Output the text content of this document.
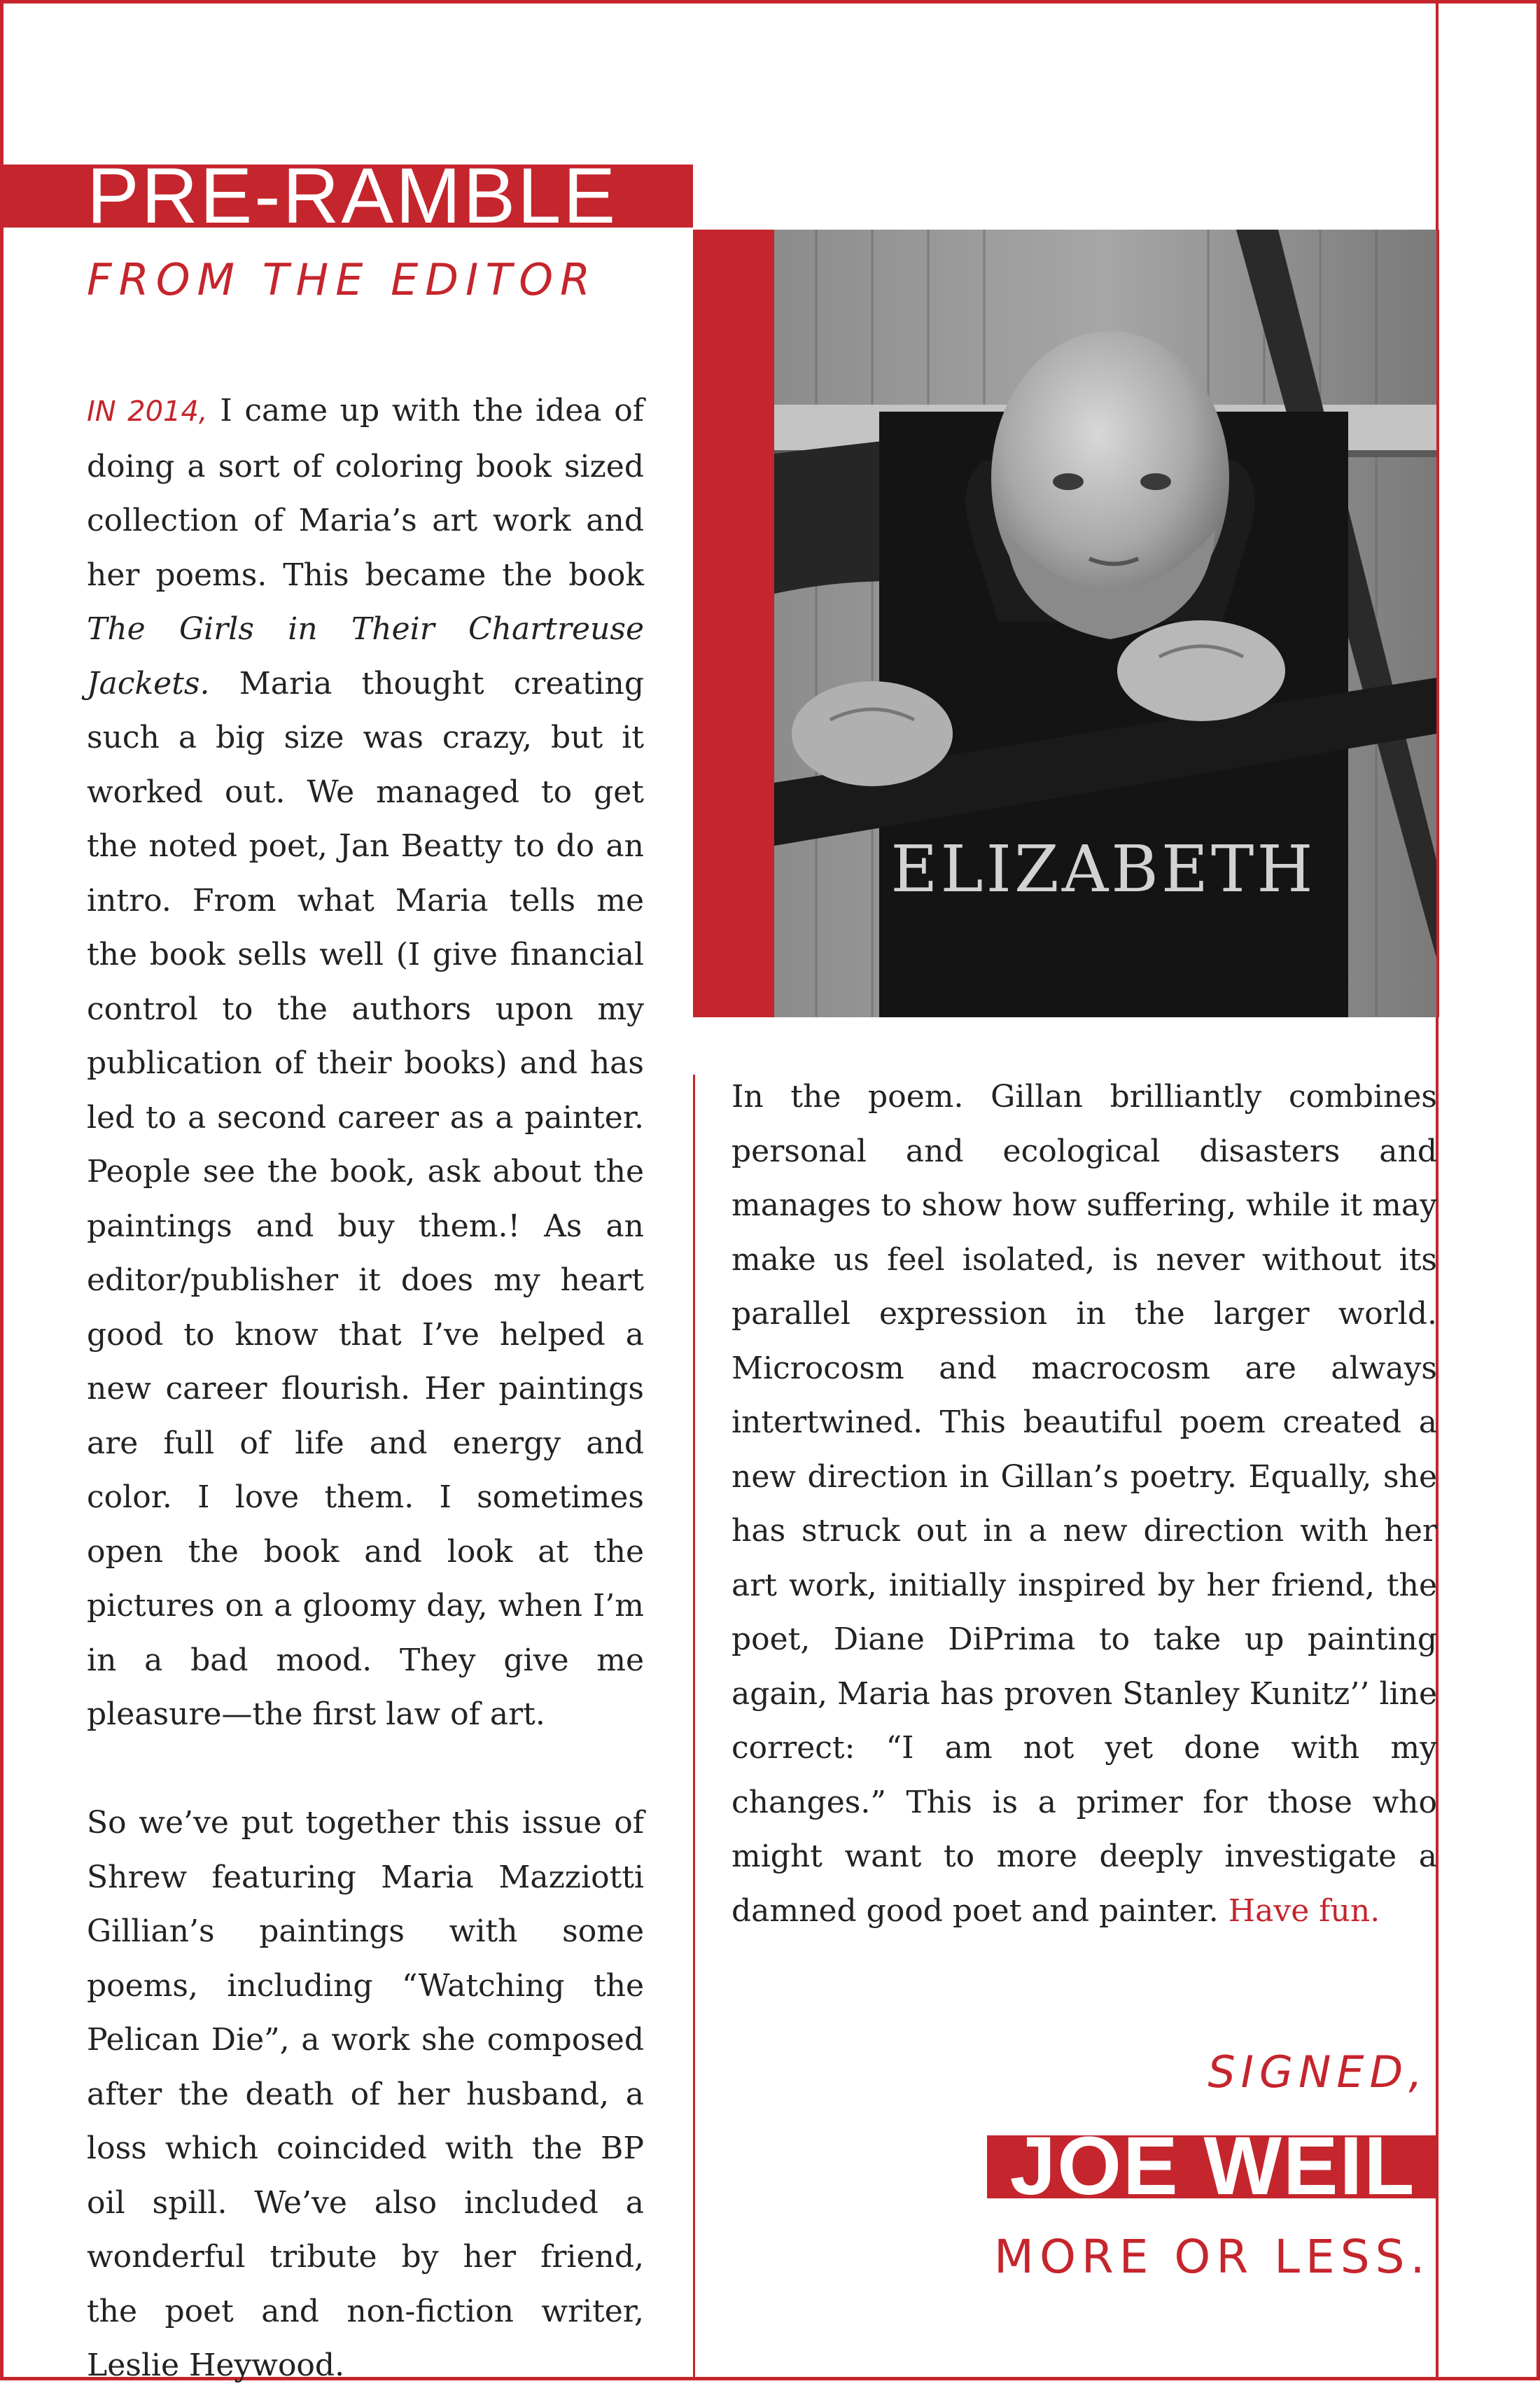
PRE-RAMBLE
FROM THE EDITOR
ELIZABETH

IN 2014, I came up with the idea of doing a sort of coloring book sized collection of Maria’s art work and her poems. This became the book The Girls in Their Chartreuse Jackets. Maria thought creating such a big size was crazy, but it worked out. We managed to get the noted poet, Jan Beatty to do an intro. From what Maria tells me the book sells well (I give financial control to the authors upon my publication of their books) and has led to a second career as a painter. People see the book, ask about the paintings and buy them.! As an editor/publisher it does my heart good to know that I’ve helped a new career flourish. Her paintings are full of life and energy and color. I love them. I sometimes open the book and look at the pictures on a gloomy day, when I’m in a bad mood. They give me pleasure—the first law of art.

So we’ve put together this issue of Shrew featuring Maria Mazziotti Gillian’s paintings with some poems, including “Watching the Pelican Die”, a work she composed after the death of her husband, a loss which coincided with the BP oil spill. We’ve also included a wonderful tribute by her friend, the poet and non-fiction writer, Leslie Heywood.

In the poem. Gillan brilliantly combines personal and ecological disasters and manages to show how suffering, while it may make us feel isolated, is never without its parallel expression in the larger world. Microcosm and macrocosm are always intertwined. This beautiful poem created a new direction in Gillan’s poetry. Equally, she has struck out in a new direction with her art work, initially inspired by her friend, the poet, Diane DiPrima to take up painting again, Maria has proven Stanley Kunitz’’ line correct: “I am not yet done with my changes.” This is a primer for those who might want to more deeply investigate a damned good poet and painter. Have fun.

SIGNED,
JOE WEIL
MORE OR LESS.
